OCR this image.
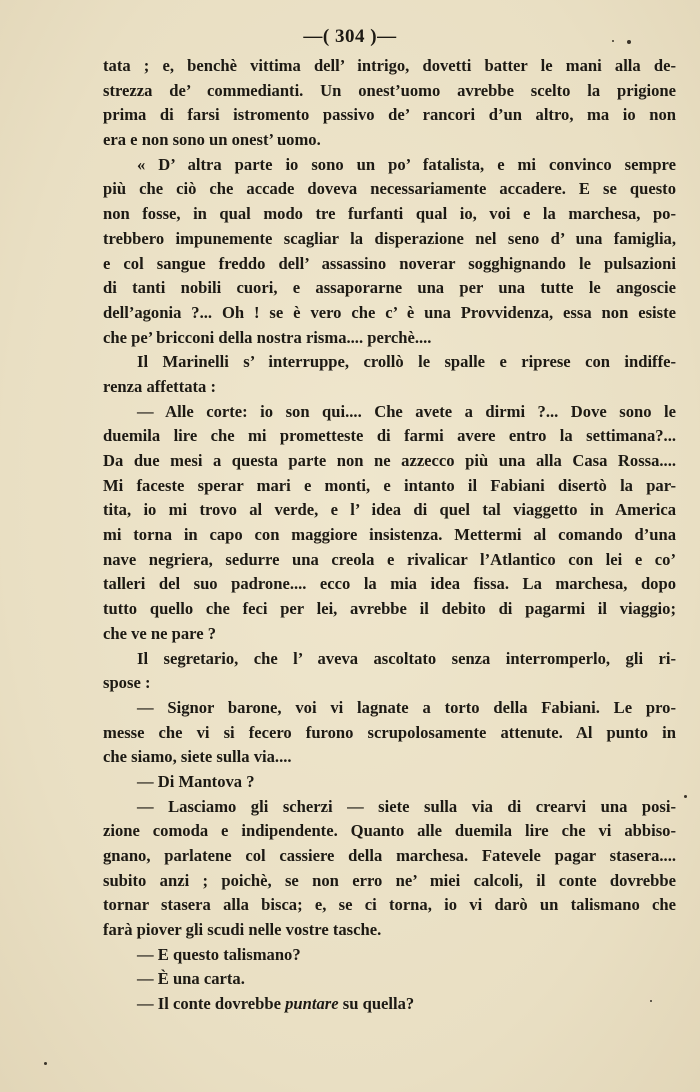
—( 304 )—
tata ; e, benchè vittima dell’ intrigo, dovetti batter le mani alla de-
strezza de’ commedianti. Un onest’uomo avrebbe scelto la prigione
prima di farsi istromento passivo de’ rancori d’un altro, ma io non
era e non sono un onest’ uomo.
« D’ altra parte io sono un po’ fatalista, e mi convinco sempre
più che ciò che accade doveva necessariamente accadere. E se questo
non fosse, in qual modo tre furfanti qual io, voi e la marchesa, po-
trebbero impunemente scagliar la disperazione nel seno d’ una famiglia,
e col sangue freddo dell’ assassino noverar sogghignando le pulsazioni
di tanti nobili cuori, e assaporarne una per una tutte le angoscie
dell’agonia ?... Oh ! se è vero che c’ è una Provvidenza, essa non esiste
che pe’ bricconi della nostra risma.... perchè....
Il Marinelli s’ interruppe, crollò le spalle e riprese con indiffe-
renza affettata :
— Alle corte: io son qui.... Che avete a dirmi ?... Dove sono le
duemila lire che mi prometteste di farmi avere entro la settimana?...
Da due mesi a questa parte non ne azzecco più una alla Casa Rossa....
Mi faceste sperar mari e monti, e intanto il Fabiani disertò la par-
tita, io mi trovo al verde, e l’ idea di quel tal viaggetto in America
mi torna in capo con maggiore insistenza. Mettermi al comando d’una
nave negriera, sedurre una creola e rivalicar l’Atlantico con lei e co’
talleri del suo padrone.... ecco la mia idea fissa. La marchesa, dopo
tutto quello che feci per lei, avrebbe il debito di pagarmi il viaggio;
che ve ne pare ?
Il segretario, che l’ aveva ascoltato senza interromperlo, gli ri-
spose :
— Signor barone, voi vi lagnate a torto della Fabiani. Le pro-
messe che vi si fecero furono scrupolosamente attenute. Al punto in
che siamo, siete sulla via....
— Di Mantova ?
— Lasciamo gli scherzi — siete sulla via di crearvi una posi-
zione comoda e indipendente. Quanto alle duemila lire che vi abbiso-
gnano, parlatene col cassiere della marchesa. Fatevele pagar stasera....
subito anzi ; poichè, se non erro ne’ miei calcoli, il conte dovrebbe
tornar stasera alla bisca; e, se ci torna, io vi darò un talismano che
farà piover gli scudi nelle vostre tasche.
— E questo talismano?
— È una carta.
— Il conte dovrebbe puntare su quella?
